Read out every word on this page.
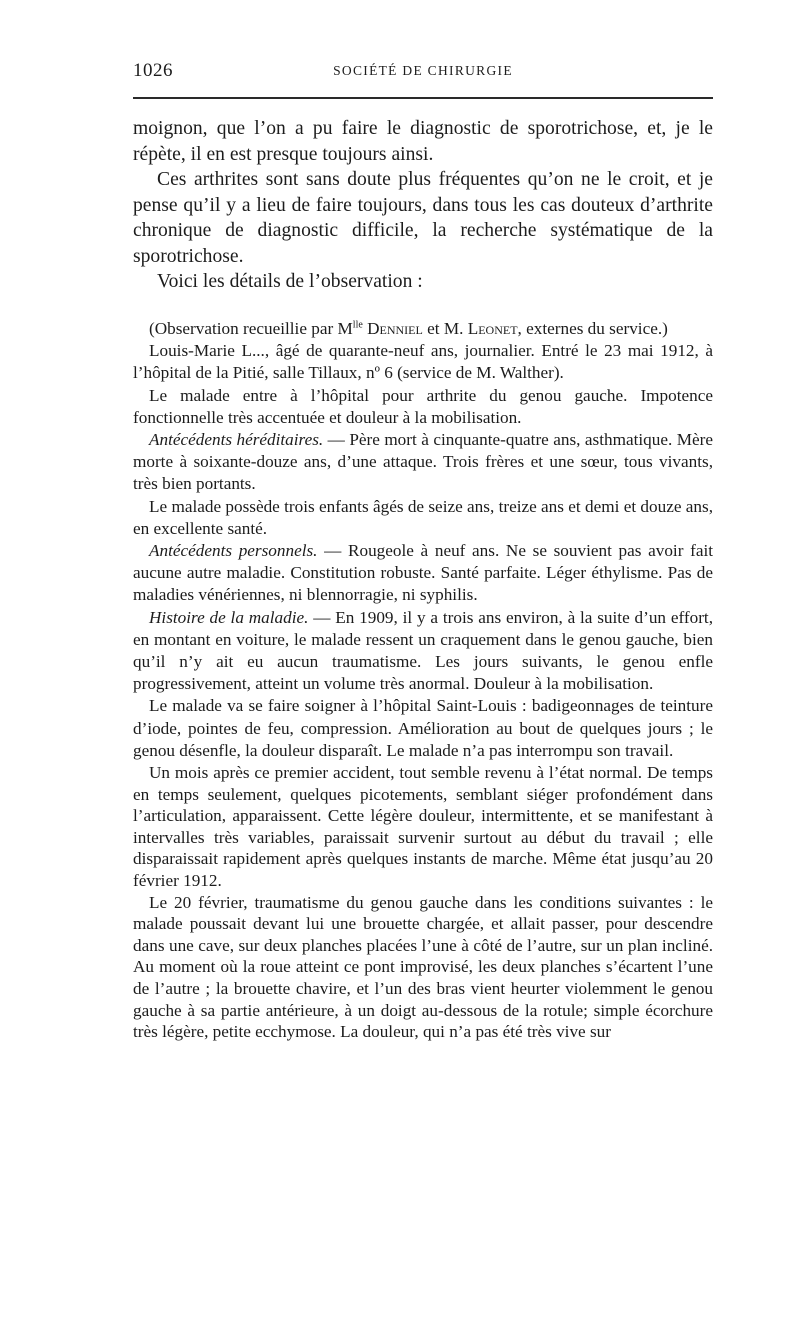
1026	SOCIÉTÉ DE CHIRURGIE

moignon, que l’on a pu faire le diagnostic de sporotrichose, et, je le répète, il en est presque toujours ainsi.

Ces arthrites sont sans doute plus fréquentes qu’on ne le croit, et je pense qu’il y a lieu de faire toujours, dans tous les cas douteux d’arthrite chronique de diagnostic difficile, la recherche systématique de la sporotrichose.

Voici les détails de l’observation :

(Observation recueillie par $M^{lle}$ Denniel et M. Leonet, externes du service.)

Louis-Marie L..., âgé de quarante-neuf ans, journalier. Entré le 23 mai 1912, à l’hôpital de la Pitié, salle Tillaux, nº 6 (service de M. Walther).

Le malade entre à l’hôpital pour arthrite du genou gauche. Impotence fonctionnelle très accentuée et douleur à la mobilisation.

Antécédents héréditaires. — Père mort à cinquante-quatre ans, asthmatique. Mère morte à soixante-douze ans, d’une attaque. Trois frères et une sœur, tous vivants, très bien portants.

Le malade possède trois enfants âgés de seize ans, treize ans et demi et douze ans, en excellente santé.

Antécédents personnels. — Rougeole à neuf ans. Ne se souvient pas avoir fait aucune autre maladie. Constitution robuste. Santé parfaite. Léger éthylisme. Pas de maladies vénériennes, ni blennorragie, ni syphilis.

Histoire de la maladie. — En 1909, il y a trois ans environ, à la suite d’un effort, en montant en voiture, le malade ressent un craquement dans le genou gauche, bien qu’il n’y ait eu aucun traumatisme. Les jours suivants, le genou enfle progressivement, atteint un volume très anormal. Douleur à la mobilisation.

Le malade va se faire soigner à l’hôpital Saint-Louis : badigeonnages de teinture d’iode, pointes de feu, compression. Amélioration au bout de quelques jours ; le genou désenfle, la douleur disparaît. Le malade n’a pas interrompu son travail.

Un mois après ce premier accident, tout semble revenu à l’état normal. De temps en temps seulement, quelques picotements, semblant siéger profondément dans l’articulation, apparaissent. Cette légère douleur, intermittente, et se manifestant à intervalles très variables, paraissait survenir surtout au début du travail ; elle disparaissait rapidement après quelques instants de marche. Même état jusqu’au 20 février 1912.

Le 20 février, traumatisme du genou gauche dans les conditions suivantes : le malade poussait devant lui une brouette chargée, et allait passer, pour descendre dans une cave, sur deux planches placées l’une à côté de l’autre, sur un plan incliné. Au moment où la roue atteint ce pont improvisé, les deux planches s’écartent l’une de l’autre ; la brouette chavire, et l’un des bras vient heurter violemment le genou gauche à sa partie antérieure, à un doigt au-dessous de la rotule; simple écorchure très légère, petite ecchymose. La douleur, qui n’a pas été très vive sur
